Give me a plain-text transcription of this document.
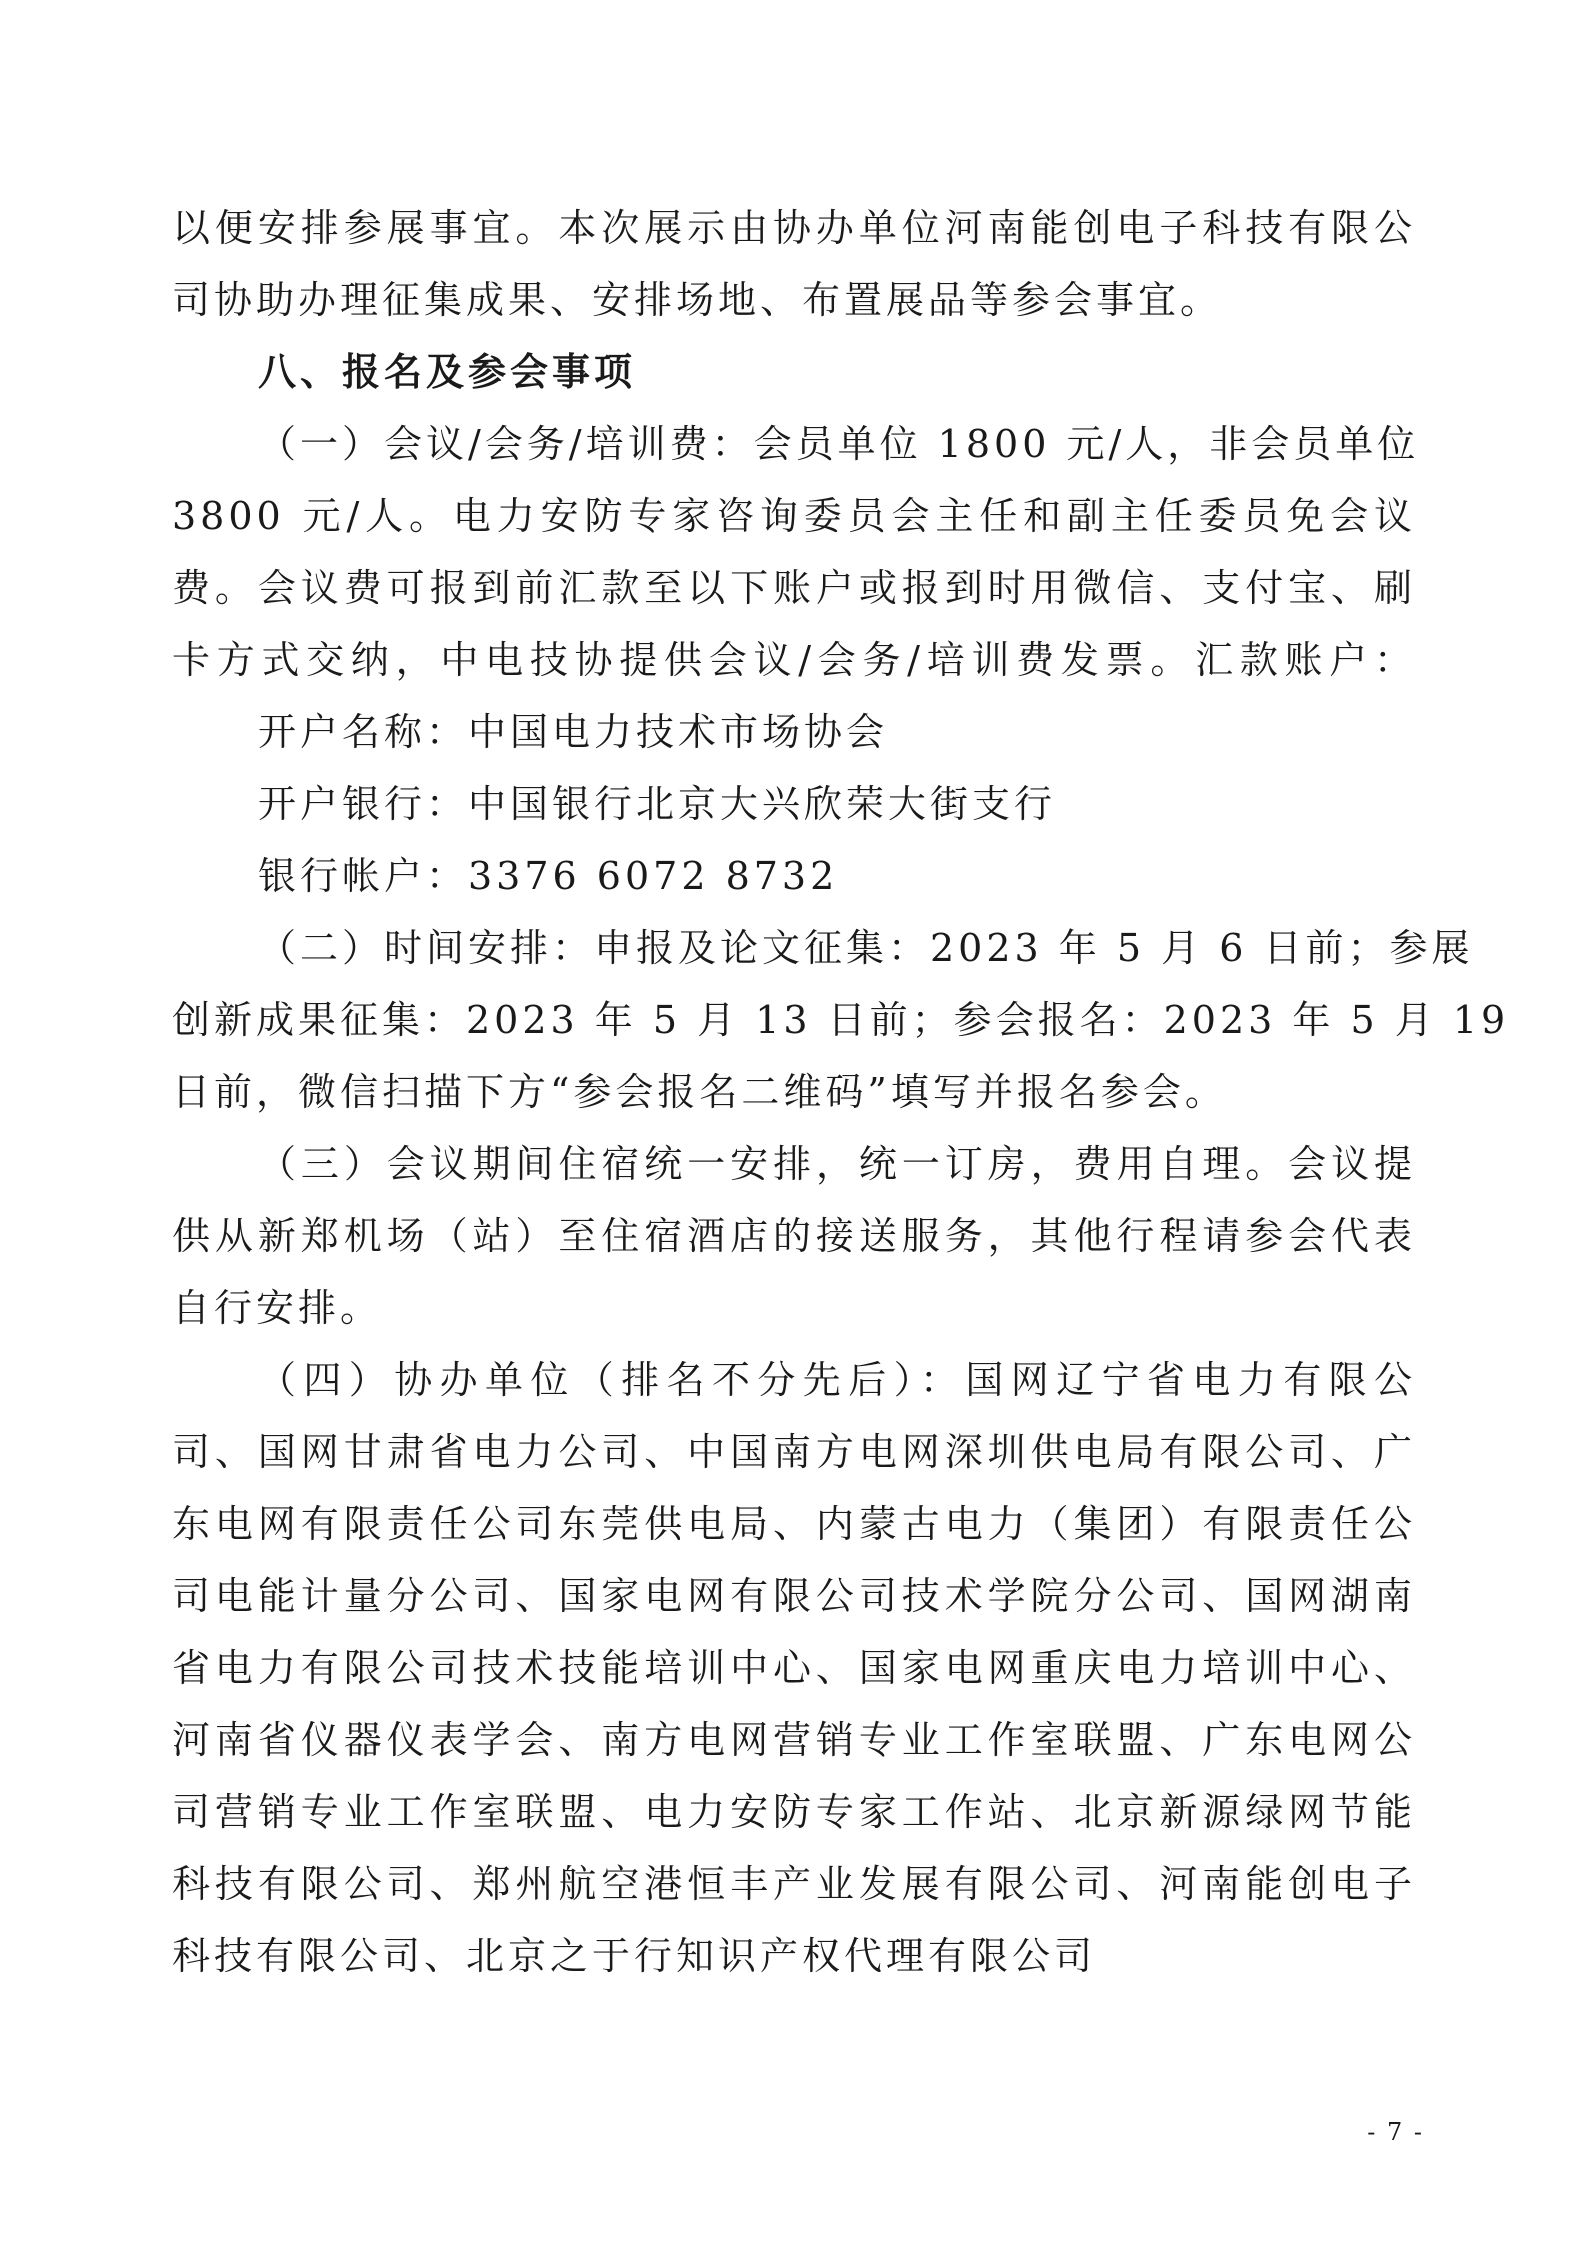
以便安排参展事宜。本次展示由协办单位河南能创电子科技有限公
司协助办理征集成果、安排场地、布置展品等参会事宜。
八、报名及参会事项
（一）会议/会务/培训费：会员单位 1800 元/人，非会员单位
3800 元/人。电力安防专家咨询委员会主任和副主任委员免会议
费。会议费可报到前汇款至以下账户或报到时用微信、支付宝、刷
卡方式交纳，中电技协提供会议/会务/培训费发票。汇款账户：
开户名称：中国电力技术市场协会
开户银行：中国银行北京大兴欣荣大街支行
银行帐户：3376 6072 8732
（二）时间安排：申报及论文征集：2023 年 5 月 6 日前；参展
创新成果征集：2023 年 5 月 13 日前；参会报名：2023 年 5 月 19
日前，微信扫描下方“参会报名二维码”填写并报名参会。
（三）会议期间住宿统一安排，统一订房，费用自理。会议提
供从新郑机场（站）至住宿酒店的接送服务，其他行程请参会代表
自行安排。
（四）协办单位（排名不分先后）：国网辽宁省电力有限公
司、国网甘肃省电力公司、中国南方电网深圳供电局有限公司、广
东电网有限责任公司东莞供电局、内蒙古电力（集团）有限责任公
司电能计量分公司、国家电网有限公司技术学院分公司、国网湖南
省电力有限公司技术技能培训中心、国家电网重庆电力培训中心、
河南省仪器仪表学会、南方电网营销专业工作室联盟、广东电网公
司营销专业工作室联盟、电力安防专家工作站、北京新源绿网节能
科技有限公司、郑州航空港恒丰产业发展有限公司、河南能创电子
科技有限公司、北京之于行知识产权代理有限公司
- 7 -
